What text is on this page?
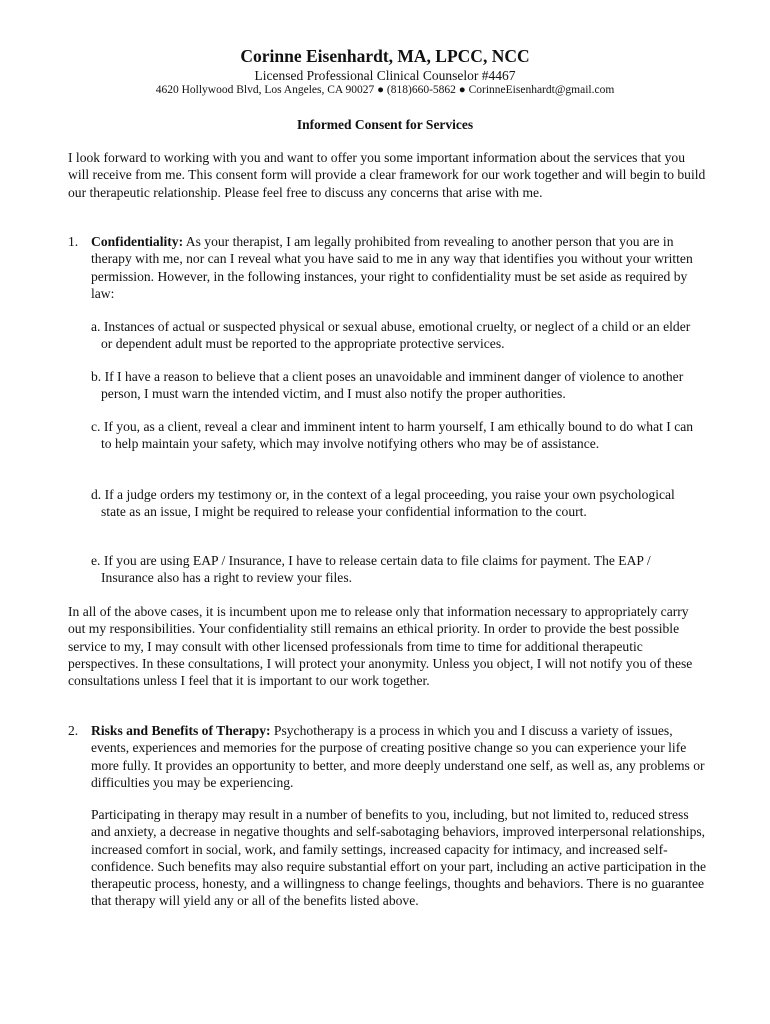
Corinne Eisenhardt, MA, LPCC, NCC
Licensed Professional Clinical Counselor #4467
4620 Hollywood Blvd, Los Angeles, CA 90027 ● (818)660-5862 ● CorinneEisenhardt@gmail.com
Informed Consent for Services
I look forward to working with you and want to offer you some important information about the services that you will receive from me. This consent form will provide a clear framework for our work together and will begin to build our therapeutic relationship. Please feel free to discuss any concerns that arise with me.
1. Confidentiality: As your therapist, I am legally prohibited from revealing to another person that you are in therapy with me, nor can I reveal what you have said to me in any way that identifies you without your written permission. However, in the following instances, your right to confidentiality must be set aside as required by law:
a. Instances of actual or suspected physical or sexual abuse, emotional cruelty, or neglect of a child or an elder or dependent adult must be reported to the appropriate protective services.
b. If I have a reason to believe that a client poses an unavoidable and imminent danger of violence to another person, I must warn the intended victim, and I must also notify the proper authorities.
c. If you, as a client, reveal a clear and imminent intent to harm yourself, I am ethically bound to do what I can to help maintain your safety, which may involve notifying others who may be of assistance.
d. If a judge orders my testimony or, in the context of a legal proceeding, you raise your own psychological state as an issue, I might be required to release your confidential information to the court.
e. If you are using EAP / Insurance, I have to release certain data to file claims for payment. The EAP / Insurance also has a right to review your files.
In all of the above cases, it is incumbent upon me to release only that information necessary to appropriately carry out my responsibilities. Your confidentiality still remains an ethical priority. In order to provide the best possible service to my, I may consult with other licensed professionals from time to time for additional therapeutic perspectives. In these consultations, I will protect your anonymity. Unless you object, I will not notify you of these consultations unless I feel that it is important to our work together.
2. Risks and Benefits of Therapy: Psychotherapy is a process in which you and I discuss a variety of issues, events, experiences and memories for the purpose of creating positive change so you can experience your life more fully. It provides an opportunity to better, and more deeply understand one self, as well as, any problems or difficulties you may be experiencing.
Participating in therapy may result in a number of benefits to you, including, but not limited to, reduced stress and anxiety, a decrease in negative thoughts and self-sabotaging behaviors, improved interpersonal relationships, increased comfort in social, work, and family settings, increased capacity for intimacy, and increased self-confidence. Such benefits may also require substantial effort on your part, including an active participation in the therapeutic process, honesty, and a willingness to change feelings, thoughts and behaviors. There is no guarantee that therapy will yield any or all of the benefits listed above.
